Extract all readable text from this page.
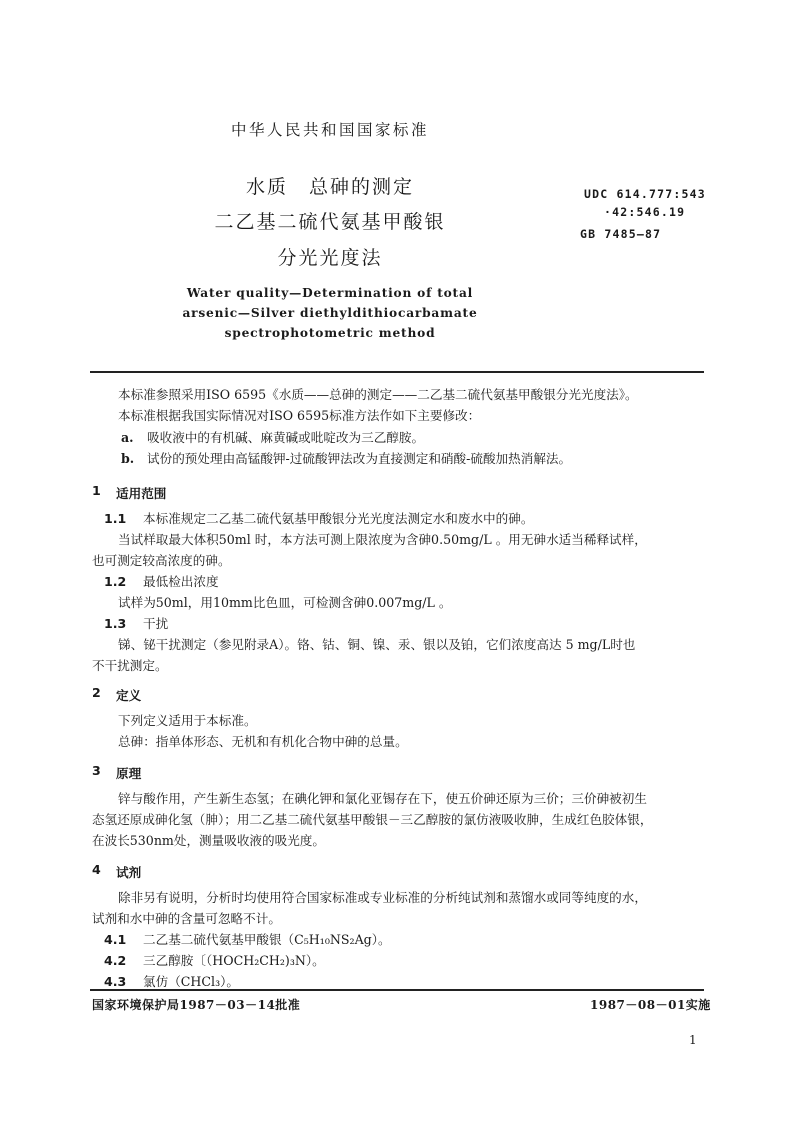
中华人民共和国国家标准
水质　总砷的测定
二乙基二硫代氨基甲酸银
分光光度法
UDC 614.777:543
·42:546.19
GB 7485—87
Water quality—Determination of total
arsenic—Silver diethyldithiocarbamate
spectrophotometric method
本标准参照采用ISO 6595《水质——总砷的测定——二乙基二硫代氨基甲酸银分光光度法》。
本标准根据我国实际情况对ISO 6595标准方法作如下主要修改：
a. 吸收液中的有机碱、麻黄碱或吡啶改为三乙醇胺。
b. 试份的预处理由高锰酸钾-过硫酸钾法改为直接测定和硝酸-硫酸加热消解法。
1 适用范围
1.1 本标准规定二乙基二硫代氨基甲酸银分光光度法测定水和废水中的砷。
当试样取最大体积50ml 时，本方法可测上限浓度为含砷0.50mg/L 。用无砷水适当稀释试样，
也可测定较高浓度的砷。
1.2 最低检出浓度
试样为50ml，用10mm比色皿，可检测含砷0.007mg/L 。
1.3 干扰
锑、铋干扰测定（参见附录A）。铬、钴、铜、镍、汞、银以及铂，它们浓度高达 5 mg/L时也
不干扰测定。
2 定义
下列定义适用于本标准。
总砷：指单体形态、无机和有机化合物中砷的总量。
3 原理
锌与酸作用，产生新生态氢；在碘化钾和氯化亚锡存在下，使五价砷还原为三价；三价砷被初生
态氢还原成砷化氢（胂）；用二乙基二硫代氨基甲酸银－三乙醇胺的氯仿液吸收胂，生成红色胶体银，
在波长530nm处，测量吸收液的吸光度。
4 试剂
除非另有说明，分析时均使用符合国家标准或专业标准的分析纯试剂和蒸馏水或同等纯度的水，
试剂和水中砷的含量可忽略不计。
4.1 二乙基二硫代氨基甲酸银（C₅H₁₀NS₂Ag）。
4.2 三乙醇胺〔（HOCH₂CH₂)₃N）。
4.3 氯仿（CHCl₃）。
国家环境保护局1987－03－14批准	1987－08－01实施
1
